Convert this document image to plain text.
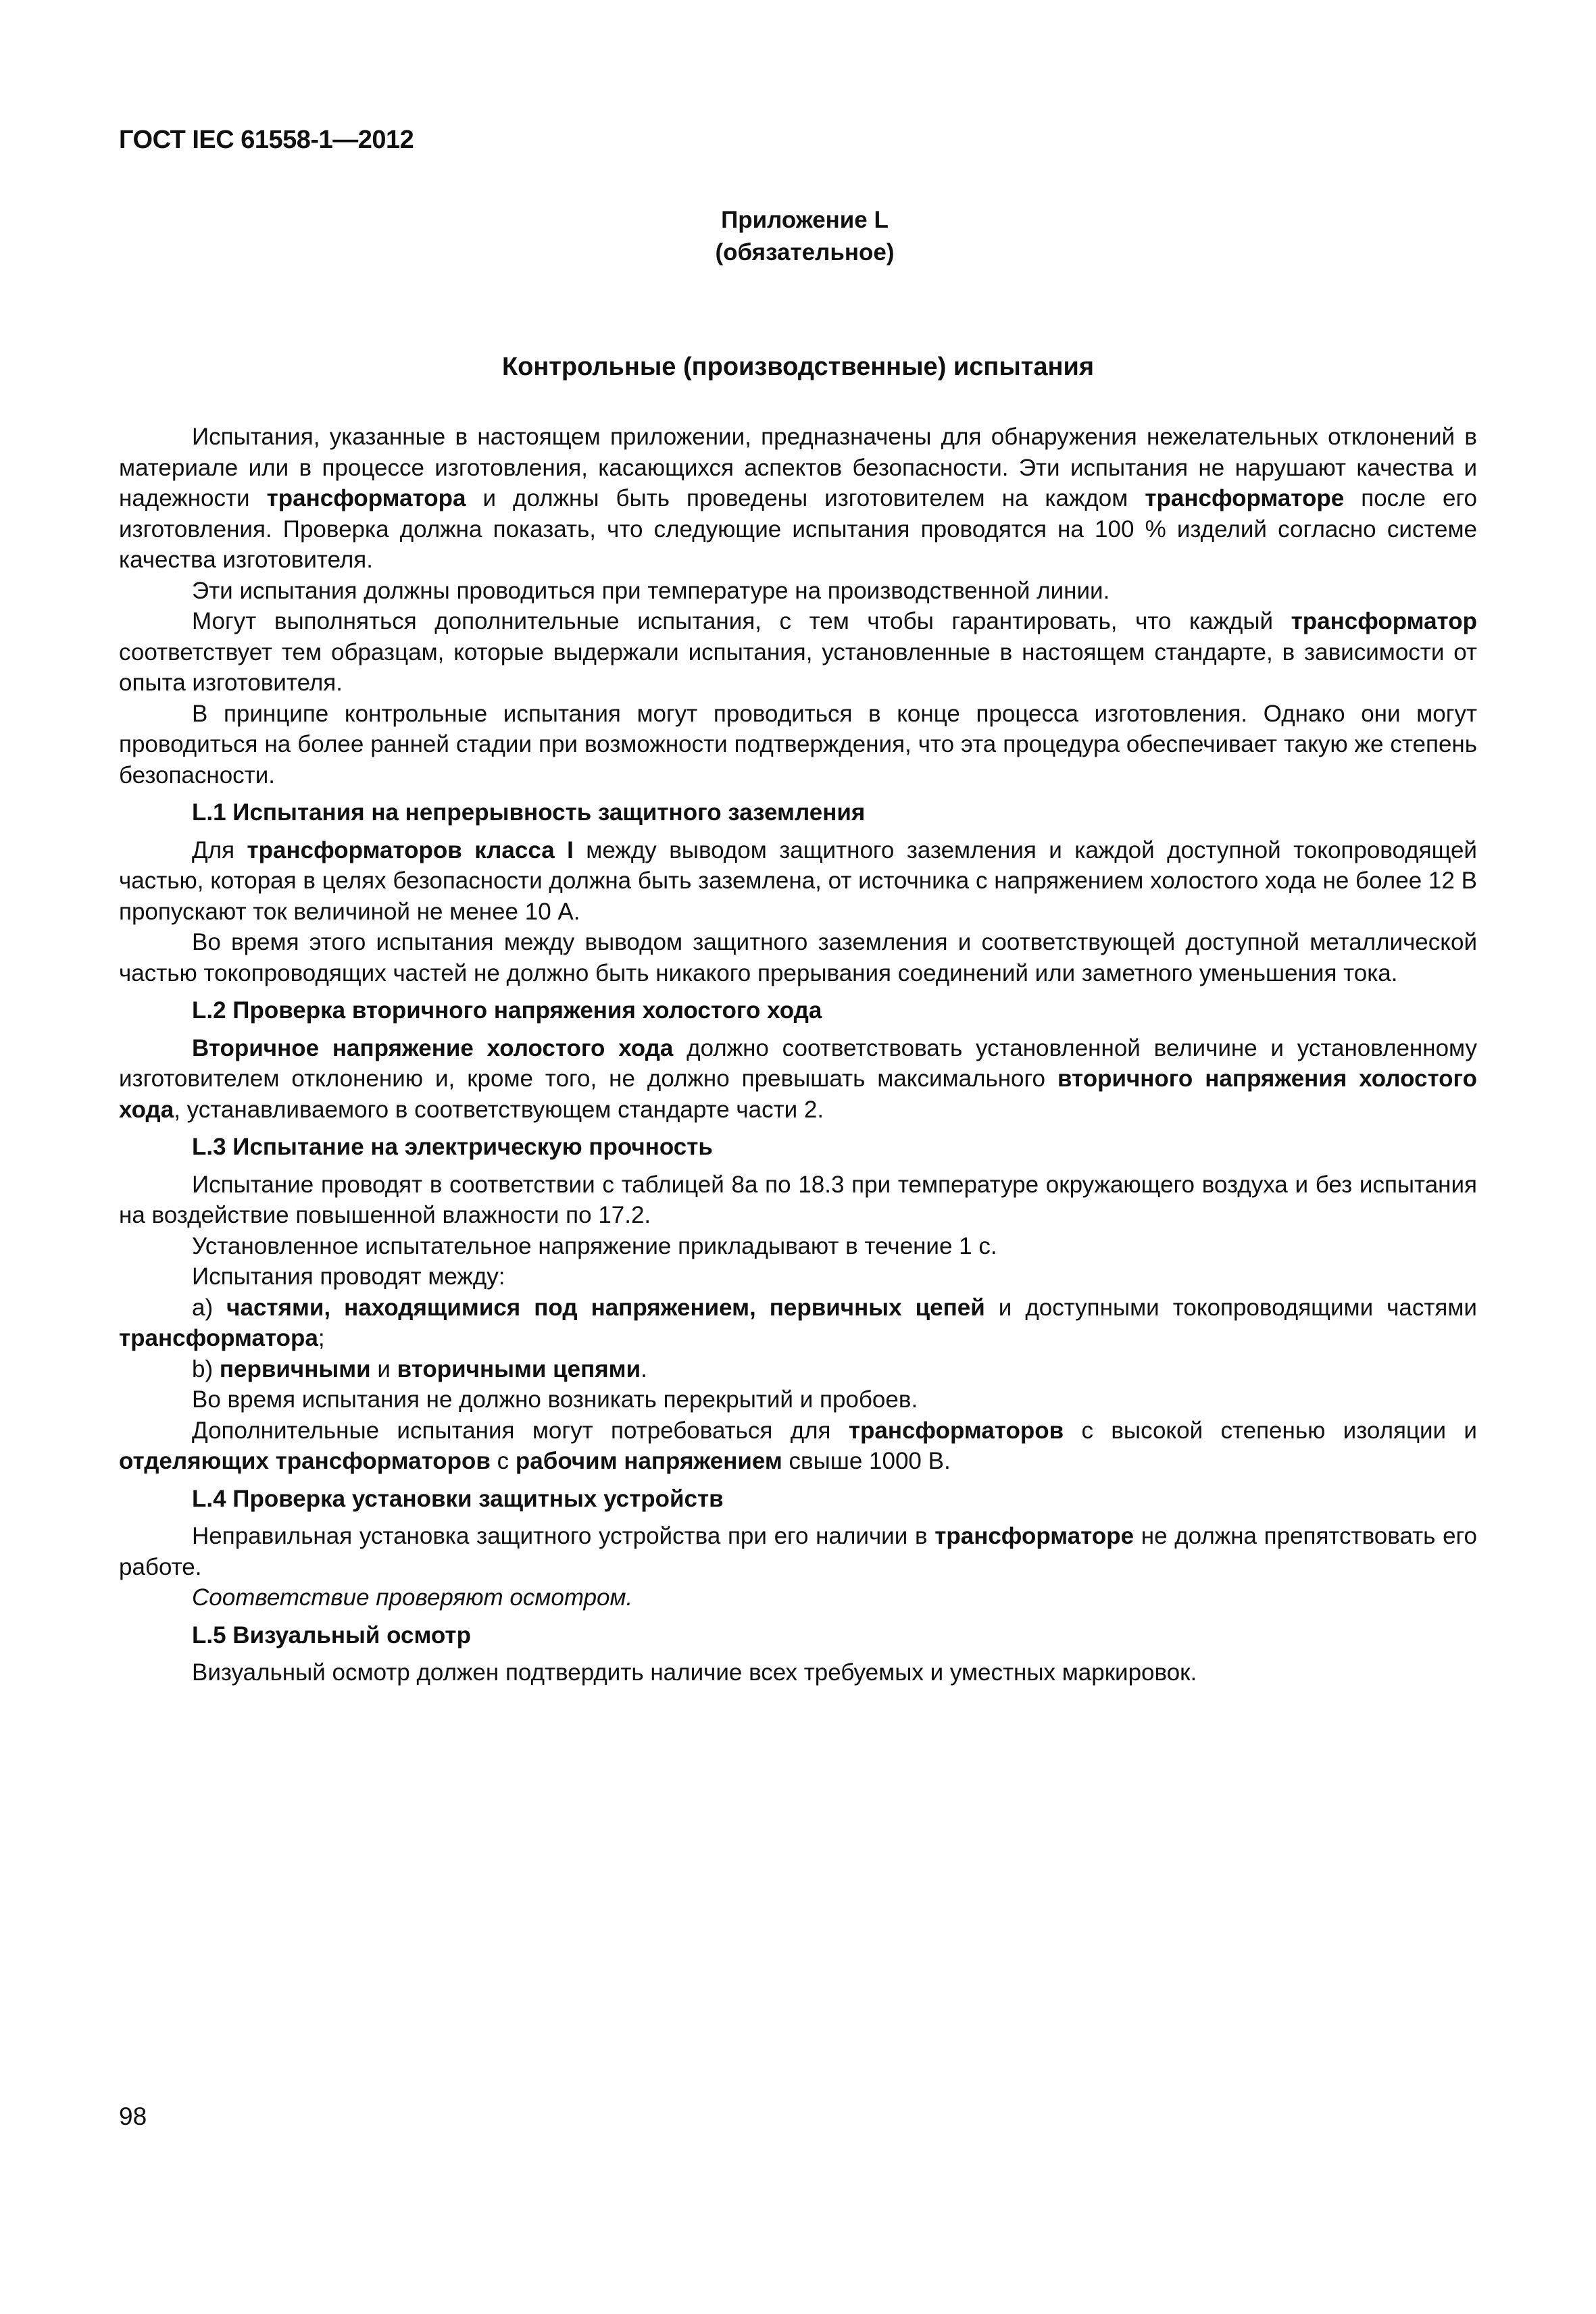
ГОСТ IEC 61558-1—2012
Приложение L
(обязательное)
Контрольные (производственные) испытания

Испытания, указанные в настоящем приложении, предназначены для обнаружения нежелательных отклонений в материале или в процессе изготовления, касающихся аспектов безопасности. Эти испытания не нарушают качества и надежности трансформатора и должны быть проведены изготовителем на каждом трансформаторе после его изготовления. Проверка должна показать, что следующие испытания проводятся на 100 % изделий согласно системе качества изготовителя.

Эти испытания должны проводиться при температуре на производственной линии.

Могут выполняться дополнительные испытания, с тем чтобы гарантировать, что каждый трансформатор соответствует тем образцам, которые выдержали испытания, установленные в настоящем стандарте, в зависимости от опыта изготовителя.

В принципе контрольные испытания могут проводиться в конце процесса изготовления. Однако они могут проводиться на более ранней стадии при возможности подтверждения, что эта процедура обеспечивает такую же степень безопасности.

L.1 Испытания на непрерывность защитного заземления

Для трансформаторов класса I между выводом защитного заземления и каждой доступной токопроводящей частью, которая в целях безопасности должна быть заземлена, от источника с напряжением холостого хода не более 12 В пропускают ток величиной не менее 10 А.

Во время этого испытания между выводом защитного заземления и соответствующей доступной металлической частью токопроводящих частей не должно быть никакого прерывания соединений или заметного уменьшения тока.

L.2 Проверка вторичного напряжения холостого хода

Вторичное напряжение холостого хода должно соответствовать установленной величине и установленному изготовителем отклонению и, кроме того, не должно превышать максимального вторичного напряжения холостого хода, устанавливаемого в соответствующем стандарте части 2.

L.3 Испытание на электрическую прочность

Испытание проводят в соответствии с таблицей 8а по 18.3 при температуре окружающего воздуха и без испытания на воздействие повышенной влажности по 17.2.

Установленное испытательное напряжение прикладывают в течение 1 с.

Испытания проводят между:

а) частями, находящимися под напряжением, первичных цепей и доступными токопроводящими частями трансформатора;

b) первичными и вторичными цепями.

Во время испытания не должно возникать перекрытий и пробоев.

Дополнительные испытания могут потребоваться для трансформаторов с высокой степенью изоляции и отделяющих трансформаторов с рабочим напряжением свыше 1000 В.

L.4 Проверка установки защитных устройств

Неправильная установка защитного устройства при его наличии в трансформаторе не должна препятствовать его работе.

Соответствие проверяют осмотром.

L.5 Визуальный осмотр

Визуальный осмотр должен подтвердить наличие всех требуемых и уместных маркировок.

98
